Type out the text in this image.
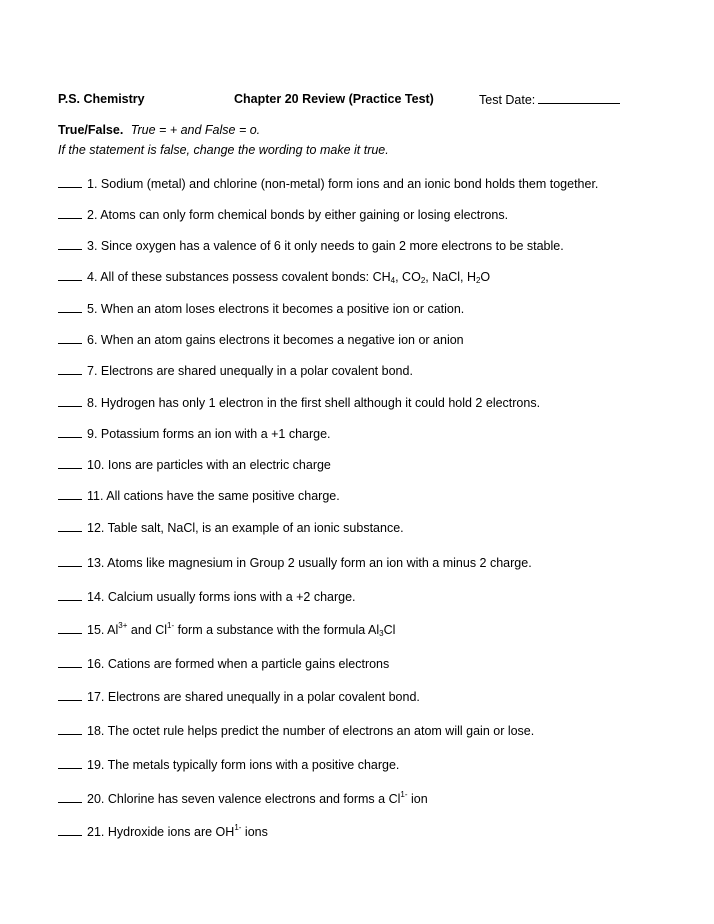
P.S. Chemistry	Chapter 20 Review (Practice Test)	Test Date:
True/False. True = + and False = o.
If the statement is false, change the wording to make it true.
1. Sodium (metal) and chlorine (non-metal) form ions and an ionic bond holds them together.
2. Atoms can only form chemical bonds by either gaining or losing electrons.
3. Since oxygen has a valence of 6 it only needs to gain 2 more electrons to be stable.
4. All of these substances possess covalent bonds: $CH_4$, $CO_2$, NaCl, $H_2O$
5. When an atom loses electrons it becomes a positive ion or cation.
6. When an atom gains electrons it becomes a negative ion or anion
7. Electrons are shared unequally in a polar covalent bond.
8. Hydrogen has only 1 electron in the first shell although it could hold 2 electrons.
9. Potassium forms an ion with a +1 charge.
10. Ions are particles with an electric charge
11. All cations have the same positive charge.
12. Table salt, NaCl, is an example of an ionic substance.
13. Atoms like magnesium in Group 2 usually form an ion with a minus 2 charge.
14. Calcium usually forms ions with a +2 charge.
15. $Al^{3+}$ and $Cl^{1-}$ form a substance with the formula $Al_3Cl$
16. Cations are formed when a particle gains electrons
17. Electrons are shared unequally in a polar covalent bond.
18. The octet rule helps predict the number of electrons an atom will gain or lose.
19. The metals typically form ions with a positive charge.
20. Chlorine has seven valence electrons and forms a $Cl^{1-}$ ion
21. Hydroxide ions are $OH^{1-}$ ions
